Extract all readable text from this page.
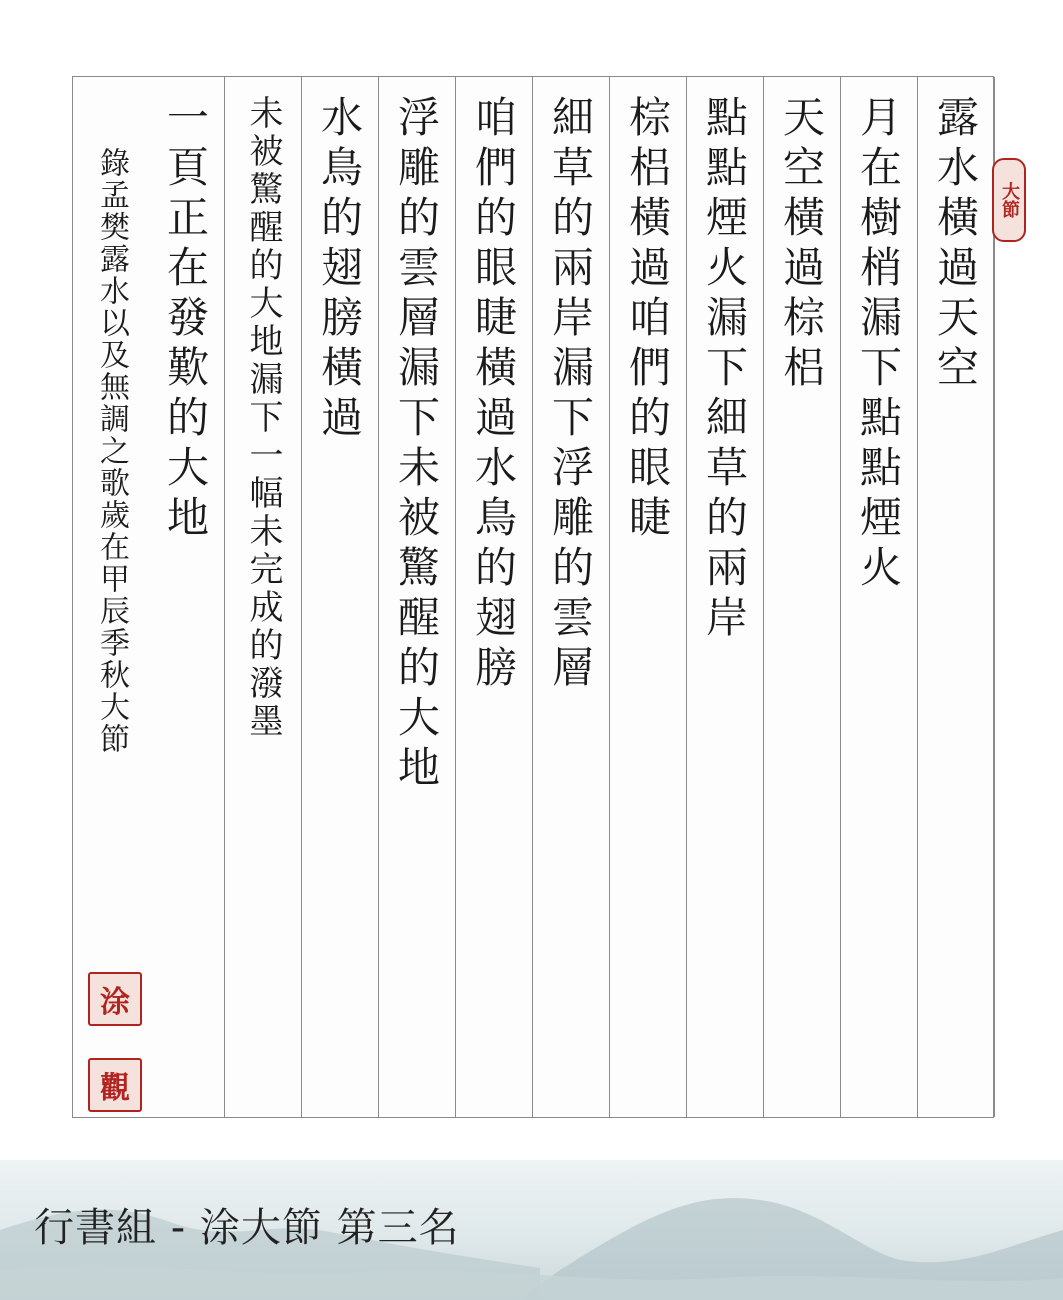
露水橫過天空
月在樹梢漏下點點煙火
天空橫過棕梠
點點煙火漏下細草的兩岸
棕梠橫過咱們的眼睫
細草的兩岸漏下浮雕的雲層
咱們的眼睫橫過水鳥的翅膀
浮雕的雲層漏下未被驚醒的大地
水鳥的翅膀橫過
未被驚醒的大地漏下一幅未完成的潑墨
一頁正在發歎的大地
錄孟樊露水以及無調之歌歲在甲辰季秋大節	大節
涂
觀
行書組 - 涂大節 第三名
